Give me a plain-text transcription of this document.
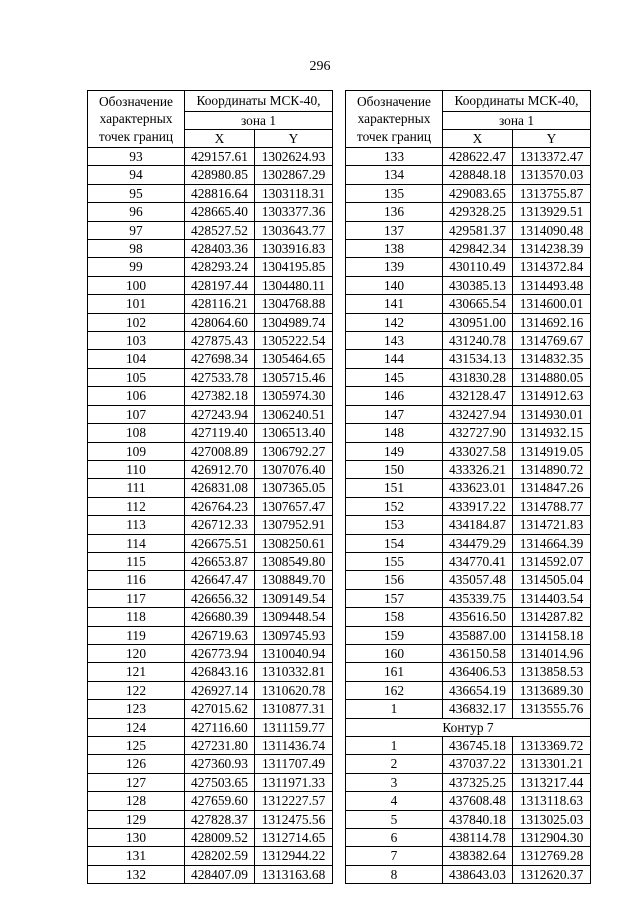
296
Обозначение
характерных
точек границ	Координаты МСК-40,	
	зона 1	
	X	Y
93	429157.61	1302624.93
94	428980.85	1302867.29
95	428816.64	1303118.31
96	428665.40	1303377.36
97	428527.52	1303643.77
98	428403.36	1303916.83
99	428293.24	1304195.85
100	428197.44	1304480.11
101	428116.21	1304768.88
102	428064.60	1304989.74
103	427875.43	1305222.54
104	427698.34	1305464.65
105	427533.78	1305715.46
106	427382.18	1305974.30
107	427243.94	1306240.51
108	427119.40	1306513.40
109	427008.89	1306792.27
110	426912.70	1307076.40
111	426831.08	1307365.05
112	426764.23	1307657.47
113	426712.33	1307952.91
114	426675.51	1308250.61
115	426653.87	1308549.80
116	426647.47	1308849.70
117	426656.32	1309149.54
118	426680.39	1309448.54
119	426719.63	1309745.93
120	426773.94	1310040.94
121	426843.16	1310332.81
122	426927.14	1310620.78
123	427015.62	1310877.31
124	427116.60	1311159.77
125	427231.80	1311436.74
126	427360.93	1311707.49
127	427503.65	1311971.33
128	427659.60	1312227.57
129	427828.37	1312475.56
130	428009.52	1312714.65
131	428202.59	1312944.22
132	428407.09	1313163.68
Обозначение
характерных
точек границ	Координаты МСК-40,	
	зона 1	
	X	Y
133	428622.47	1313372.47
134	428848.18	1313570.03
135	429083.65	1313755.87
136	429328.25	1313929.51
137	429581.37	1314090.48
138	429842.34	1314238.39
139	430110.49	1314372.84
140	430385.13	1314493.48
141	430665.54	1314600.01
142	430951.00	1314692.16
143	431240.78	1314769.67
144	431534.13	1314832.35
145	431830.28	1314880.05
146	432128.47	1314912.63
147	432427.94	1314930.01
148	432727.90	1314932.15
149	433027.58	1314919.05
150	433326.21	1314890.72
151	433623.01	1314847.26
152	433917.22	1314788.77
153	434184.87	1314721.83
154	434479.29	1314664.39
155	434770.41	1314592.07
156	435057.48	1314505.04
157	435339.75	1314403.54
158	435616.50	1314287.82
159	435887.00	1314158.18
160	436150.58	1314014.96
161	436406.53	1313858.53
162	436654.19	1313689.30
1	436832.17	1313555.76
Контур 7		
1	436745.18	1313369.72
2	437037.22	1313301.21
3	437325.25	1313217.44
4	437608.48	1313118.63
5	437840.18	1313025.03
6	438114.78	1312904.30
7	438382.64	1312769.28
8	438643.03	1312620.37
